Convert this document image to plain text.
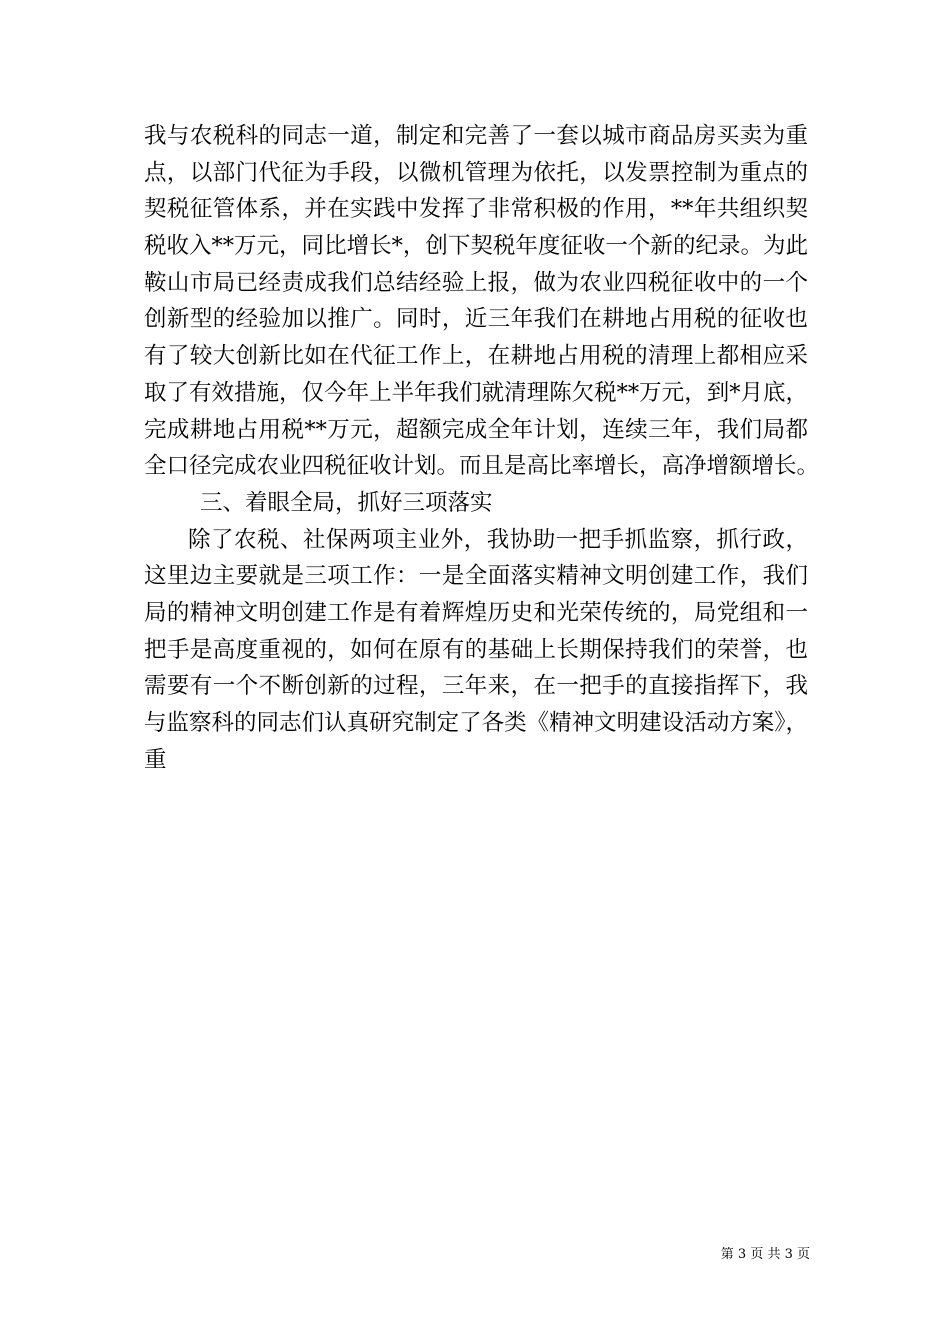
我与农税科的同志一道，制定和完善了一套以城市商品房买卖为重
点，以部门代征为手段，以微机管理为依托，以发票控制为重点的
契税征管体系，并在实践中发挥了非常积极的作用，**年共组织契
税收入**万元，同比增长*，创下契税年度征收一个新的纪录。为此
鞍山市局已经责成我们总结经验上报，做为农业四税征收中的一个
创新型的经验加以推广。同时，近三年我们在耕地占用税的征收也
有了较大创新比如在代征工作上，在耕地占用税的清理上都相应采
取了有效措施，仅今年上半年我们就清理陈欠税**万元，到*月底，
完成耕地占用税**万元，超额完成全年计划，连续三年，我们局都
全口径完成农业四税征收计划。而且是高比率增长，高净增额增长。
三、着眼全局，抓好三项落实
除了农税、社保两项主业外，我协助一把手抓监察，抓行政，
这里边主要就是三项工作：一是全面落实精神文明创建工作，我们
局的精神文明创建工作是有着辉煌历史和光荣传统的，局党组和一
把手是高度重视的，如何在原有的基础上长期保持我们的荣誉，也
需要有一个不断创新的过程，三年来，在一把手的直接指挥下，我
与监察科的同志们认真研究制定了各类《精神文明建设活动方案》，
重
第 3 页 共 3 页
